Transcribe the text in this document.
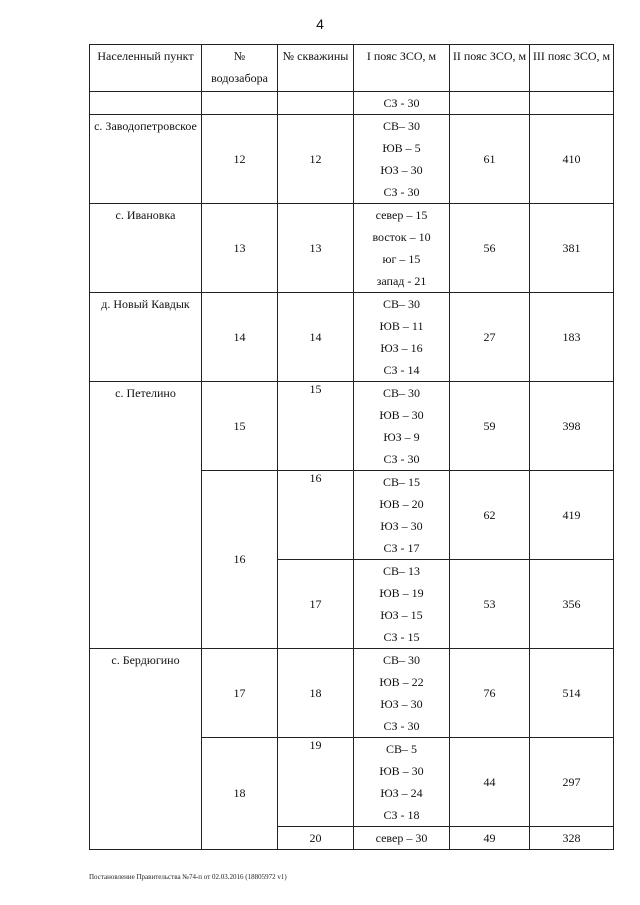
4
Населенный пункт	№ водозабора	№ скважины	I пояс ЗСО, м	II пояс ЗСО, м	III пояс ЗСО, м
			СЗ - 30		
с. Заводопетровское	12	12	СВ– 30
ЮВ – 5
ЮЗ – 30
СЗ - 30	61	410
с. Ивановка	13	13	север – 15
восток – 10
юг – 15
запад - 21	56	381
д. Новый Кавдык	14	14	СВ– 30
ЮВ – 11
ЮЗ – 16
СЗ - 14	27	183
с. Петелино	15	15	СВ– 30
ЮВ – 30
ЮЗ – 9
СЗ - 30	59	398
	16	16	СВ– 15
ЮВ – 20
ЮЗ – 30
СЗ - 17	62	419
		17	СВ– 13
ЮВ – 19
ЮЗ – 15
СЗ - 15	53	356
с. Бердюгино	17	18	СВ– 30
ЮВ – 22
ЮЗ – 30
СЗ - 30	76	514
	18	19	СВ– 5
ЮВ – 30
ЮЗ – 24
СЗ - 18	44	297
		20	север – 30	49	328
Постановление Правительства №74-п от 02.03.2016 (18805972 v1)
